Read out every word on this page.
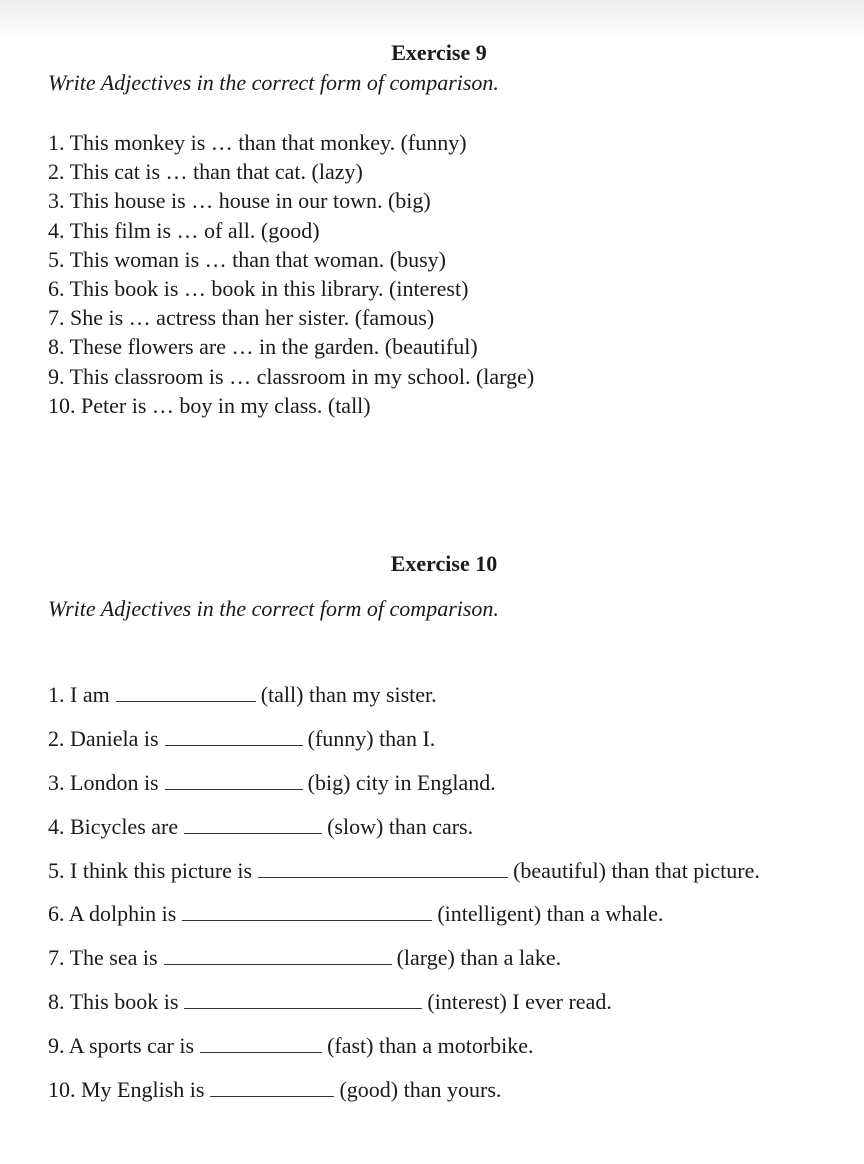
Exercise 9
Write Adjectives in the correct form of comparison.
1. This monkey is … than that monkey. (funny)
2. This cat is … than that cat. (lazy)
3. This house is … house in our town. (big)
4. This film is … of all. (good)
5. This woman is … than that woman. (busy)
6. This book is … book in this library. (interest)
7. She is … actress than her sister. (famous)
8. These flowers are … in the garden. (beautiful)
9. This classroom is … classroom in my school. (large)
10. Peter is … boy in my class. (tall)
Exercise 10
Write Adjectives in the correct form of comparison.
1. I am	(tall) than my sister.
2. Daniela is	(funny) than I.
3. London is	(big) city in England.
4. Bicycles are	(slow) than cars.
5. I think this picture is	(beautiful) than that picture.
6. A dolphin is	(intelligent) than a whale.
7. The sea is	(large) than a lake.
8. This book is	(interest) I ever read.
9. A sports car is	(fast) than a motorbike.
10. My English is	(good) than yours.
